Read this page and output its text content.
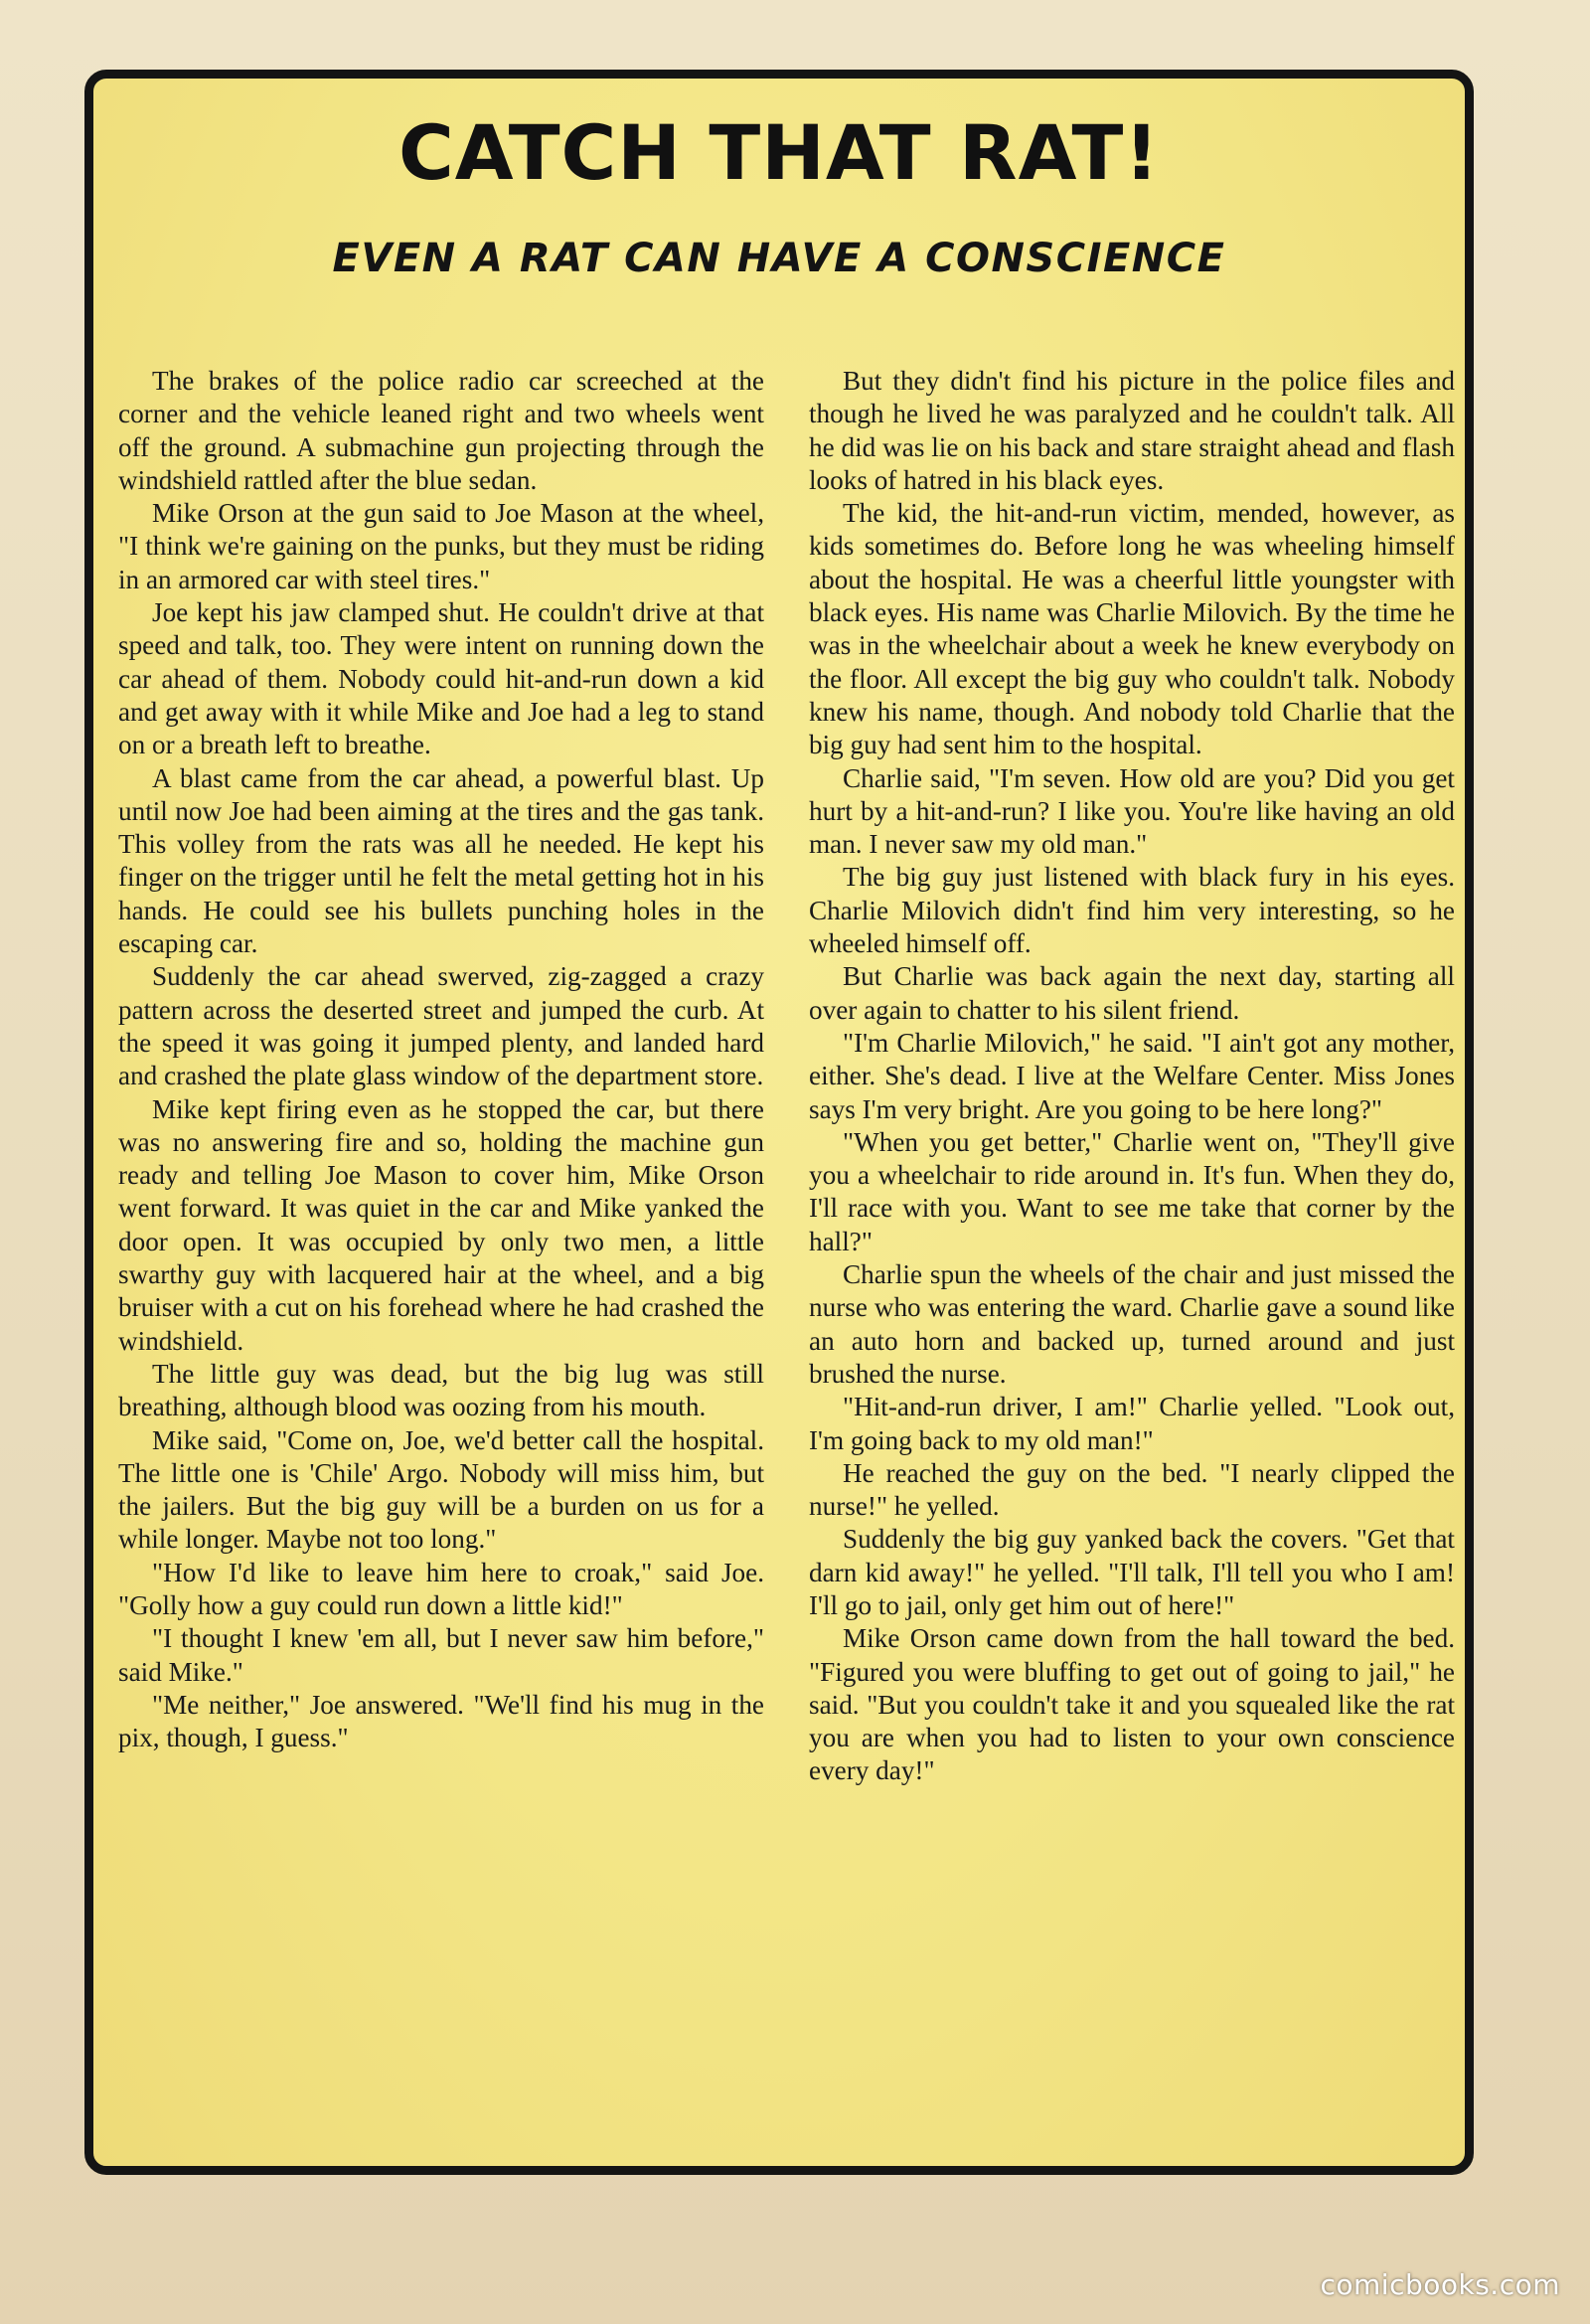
CATCH THAT RAT!
EVEN A RAT CAN HAVE A CONSCIENCE

The brakes of the police radio car screeched at the corner and the vehicle leaned right and two wheels went off the ground. A submachine gun projecting through the windshield rattled after the blue sedan.

Mike Orson at the gun said to Joe Mason at the wheel, "I think we're gaining on the punks, but they must be riding in an armored car with steel tires."

Joe kept his jaw clamped shut. He couldn't drive at that speed and talk, too. They were intent on running down the car ahead of them. Nobody could hit-and-run down a kid and get away with it while Mike and Joe had a leg to stand on or a breath left to breathe.

A blast came from the car ahead, a powerful blast. Up until now Joe had been aiming at the tires and the gas tank. This volley from the rats was all he needed. He kept his finger on the trigger until he felt the metal getting hot in his hands. He could see his bullets punching holes in the escaping car.

Suddenly the car ahead swerved, zig-zagged a crazy pattern across the deserted street and jumped the curb. At the speed it was going it jumped plenty, and landed hard and crashed the plate glass window of the department store.

Mike kept firing even as he stopped the car, but there was no answering fire and so, holding the machine gun ready and telling Joe Mason to cover him, Mike Orson went forward. It was quiet in the car and Mike yanked the door open. It was occupied by only two men, a little swarthy guy with lacquered hair at the wheel, and a big bruiser with a cut on his forehead where he had crashed the windshield.

The little guy was dead, but the big lug was still breathing, although blood was oozing from his mouth.

Mike said, "Come on, Joe, we'd better call the hospital. The little one is 'Chile' Argo. Nobody will miss him, but the jailers. But the big guy will be a burden on us for a while longer. Maybe not too long."

"How I'd like to leave him here to croak," said Joe. "Golly how a guy could run down a little kid!"

"I thought I knew 'em all, but I never saw him before," said Mike."

"Me neither," Joe answered. "We'll find his mug in the pix, though, I guess."

But they didn't find his picture in the police files and though he lived he was paralyzed and he couldn't talk. All he did was lie on his back and stare straight ahead and flash looks of hatred in his black eyes.

The kid, the hit-and-run victim, mended, however, as kids sometimes do. Before long he was wheeling himself about the hospital. He was a cheerful little youngster with black eyes. His name was Charlie Milovich. By the time he was in the wheelchair about a week he knew everybody on the floor. All except the big guy who couldn't talk. Nobody knew his name, though. And nobody told Charlie that the big guy had sent him to the hospital.

Charlie said, "I'm seven. How old are you? Did you get hurt by a hit-and-run? I like you. You're like having an old man. I never saw my old man."

The big guy just listened with black fury in his eyes. Charlie Milovich didn't find him very interesting, so he wheeled himself off.

But Charlie was back again the next day, starting all over again to chatter to his silent friend.

"I'm Charlie Milovich," he said. "I ain't got any mother, either. She's dead. I live at the Welfare Center. Miss Jones says I'm very bright. Are you going to be here long?"

"When you get better," Charlie went on, "They'll give you a wheelchair to ride around in. It's fun. When they do, I'll race with you. Want to see me take that corner by the hall?"

Charlie spun the wheels of the chair and just missed the nurse who was entering the ward. Charlie gave a sound like an auto horn and backed up, turned around and just brushed the nurse.

"Hit-and-run driver, I am!" Charlie yelled. "Look out, I'm going back to my old man!"

He reached the guy on the bed. "I nearly clipped the nurse!" he yelled.

Suddenly the big guy yanked back the covers. "Get that darn kid away!" he yelled. "I'll talk, I'll tell you who I am! I'll go to jail, only get him out of here!"

Mike Orson came down from the hall toward the bed. "Figured you were bluffing to get out of going to jail," he said. "But you couldn't take it and you squealed like the rat you are when you had to listen to your own conscience every day!"

comicbooks.com
